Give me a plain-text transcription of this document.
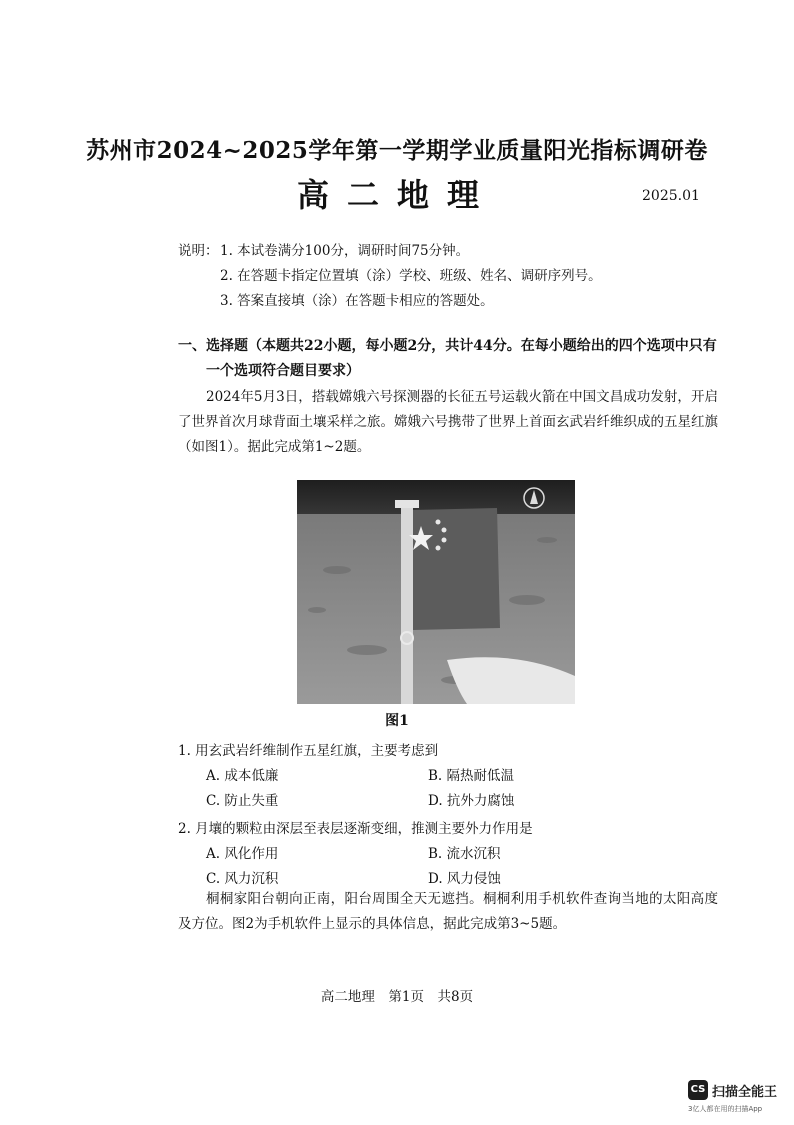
苏州市2024~2025学年第一学期学业质量阳光指标调研卷
高二地理	2025.01
说明： 1. 本试卷满分100分，调研时间75分钟。
2. 在答题卡指定位置填（涂）学校、班级、姓名、调研序列号。
3. 答案直接填（涂）在答题卡相应的答题处。
一、选择题（本题共22小题，每小题2分，共计44分。在每小题给出的四个选项中只有
一个选项符合题目要求）
2024年5月3日，搭载嫦娥六号探测器的长征五号运载火箭在中国文昌成功发射，开启了世界首次月球背面土壤采样之旅。嫦娥六号携带了世界上首面玄武岩纤维织成的五星红旗（如图1）。据此完成第1~2题。
图1
1. 用玄武岩纤维制作五星红旗，主要考虑到
A. 成本低廉	B. 隔热耐低温
C. 防止失重	D. 抗外力腐蚀
2. 月壤的颗粒由深层至表层逐渐变细，推测主要外力作用是
A. 风化作用	B. 流水沉积
C. 风力沉积	D. 风力侵蚀
桐桐家阳台朝向正南，阳台周围全天无遮挡。桐桐利用手机软件查询当地的太阳高度及方位。图2为手机软件上显示的具体信息，据此完成第3~5题。
高二地理　第1页　共8页
CS 扫描全能王
3亿人都在用的扫描App
